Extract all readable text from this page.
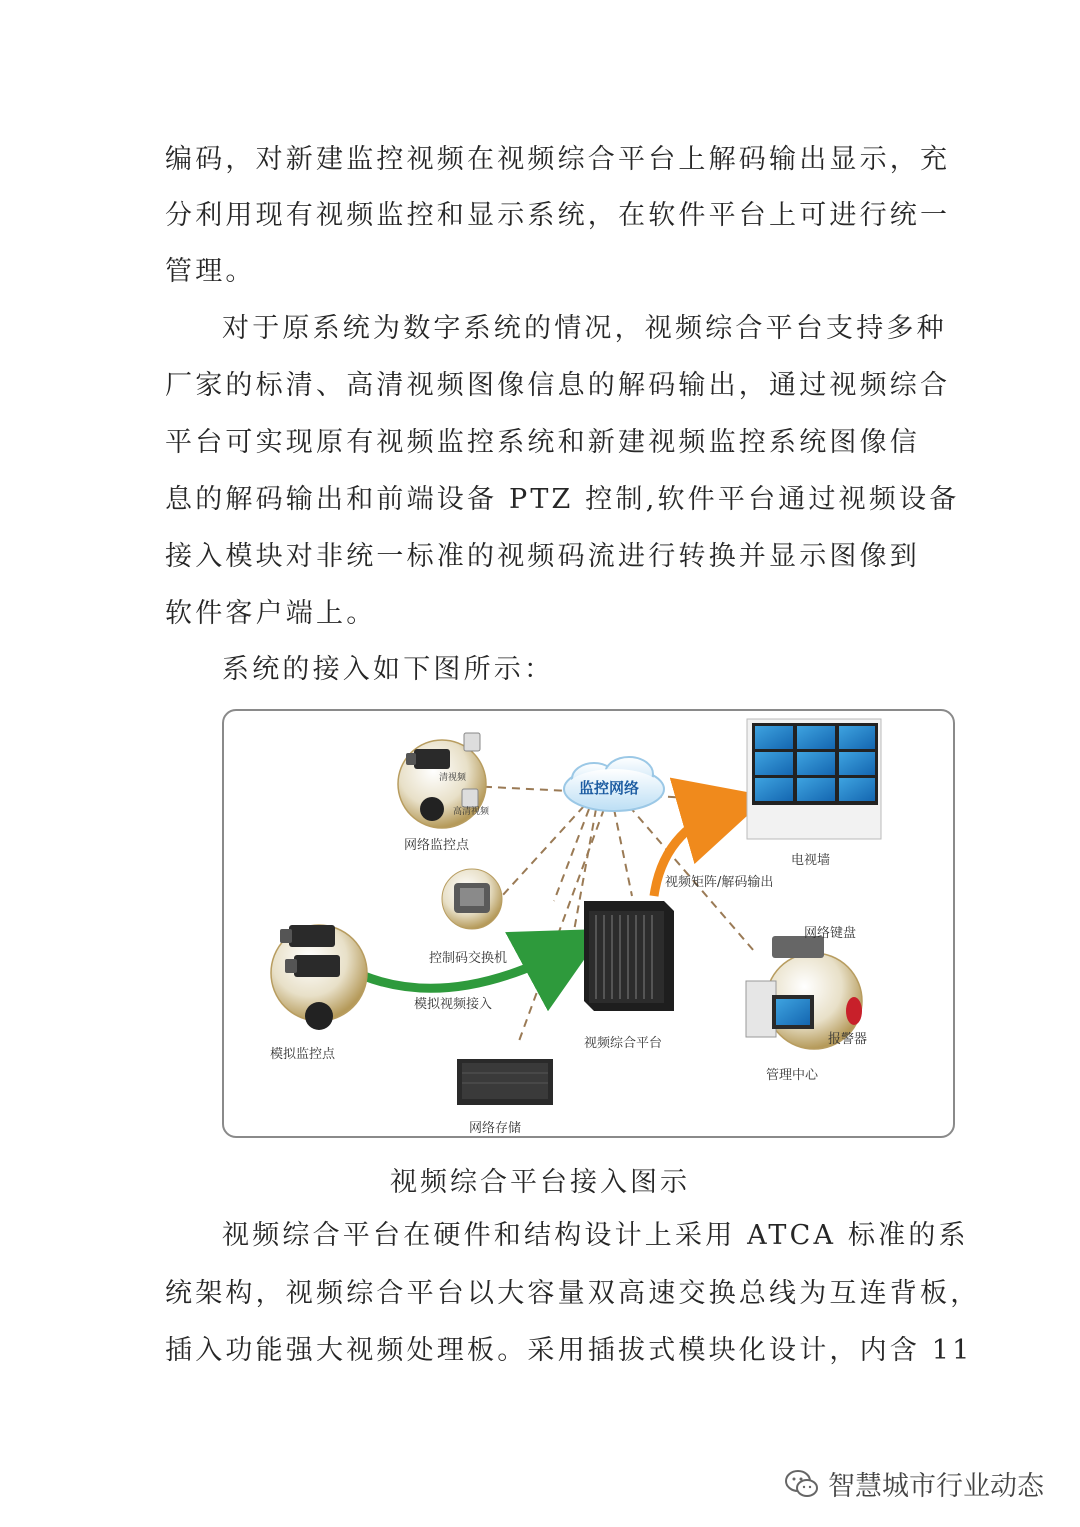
编码，对新建监控视频在视频综合平台上解码输出显示，充
分利用现有视频监控和显示系统，在软件平台上可进行统一
管理。
对于原系统为数字系统的情况，视频综合平台支持多种
厂家的标清、高清视频图像信息的解码输出，通过视频综合
平台可实现原有视频监控系统和新建视频监控系统图像信
息的解码输出和前端设备 PTZ 控制,软件平台通过视频设备
接入模块对非统一标准的视频码流进行转换并显示图像到
软件客户端上。
系统的接入如下图所示：
监控网络
清视频
高清视频
网络监控点
电视墙
视频矩阵/解码输出
控制码交换机
网络键盘
模拟视频接入
模拟监控点
视频综合平台	报警器
管理中心
网络存储
视频综合平台接入图示
视频综合平台在硬件和结构设计上采用 ATCA 标准的系
统架构，视频综合平台以大容量双高速交换总线为互连背板，
插入功能强大视频处理板。采用插拔式模块化设计，内含 11
智慧城市行业动态
